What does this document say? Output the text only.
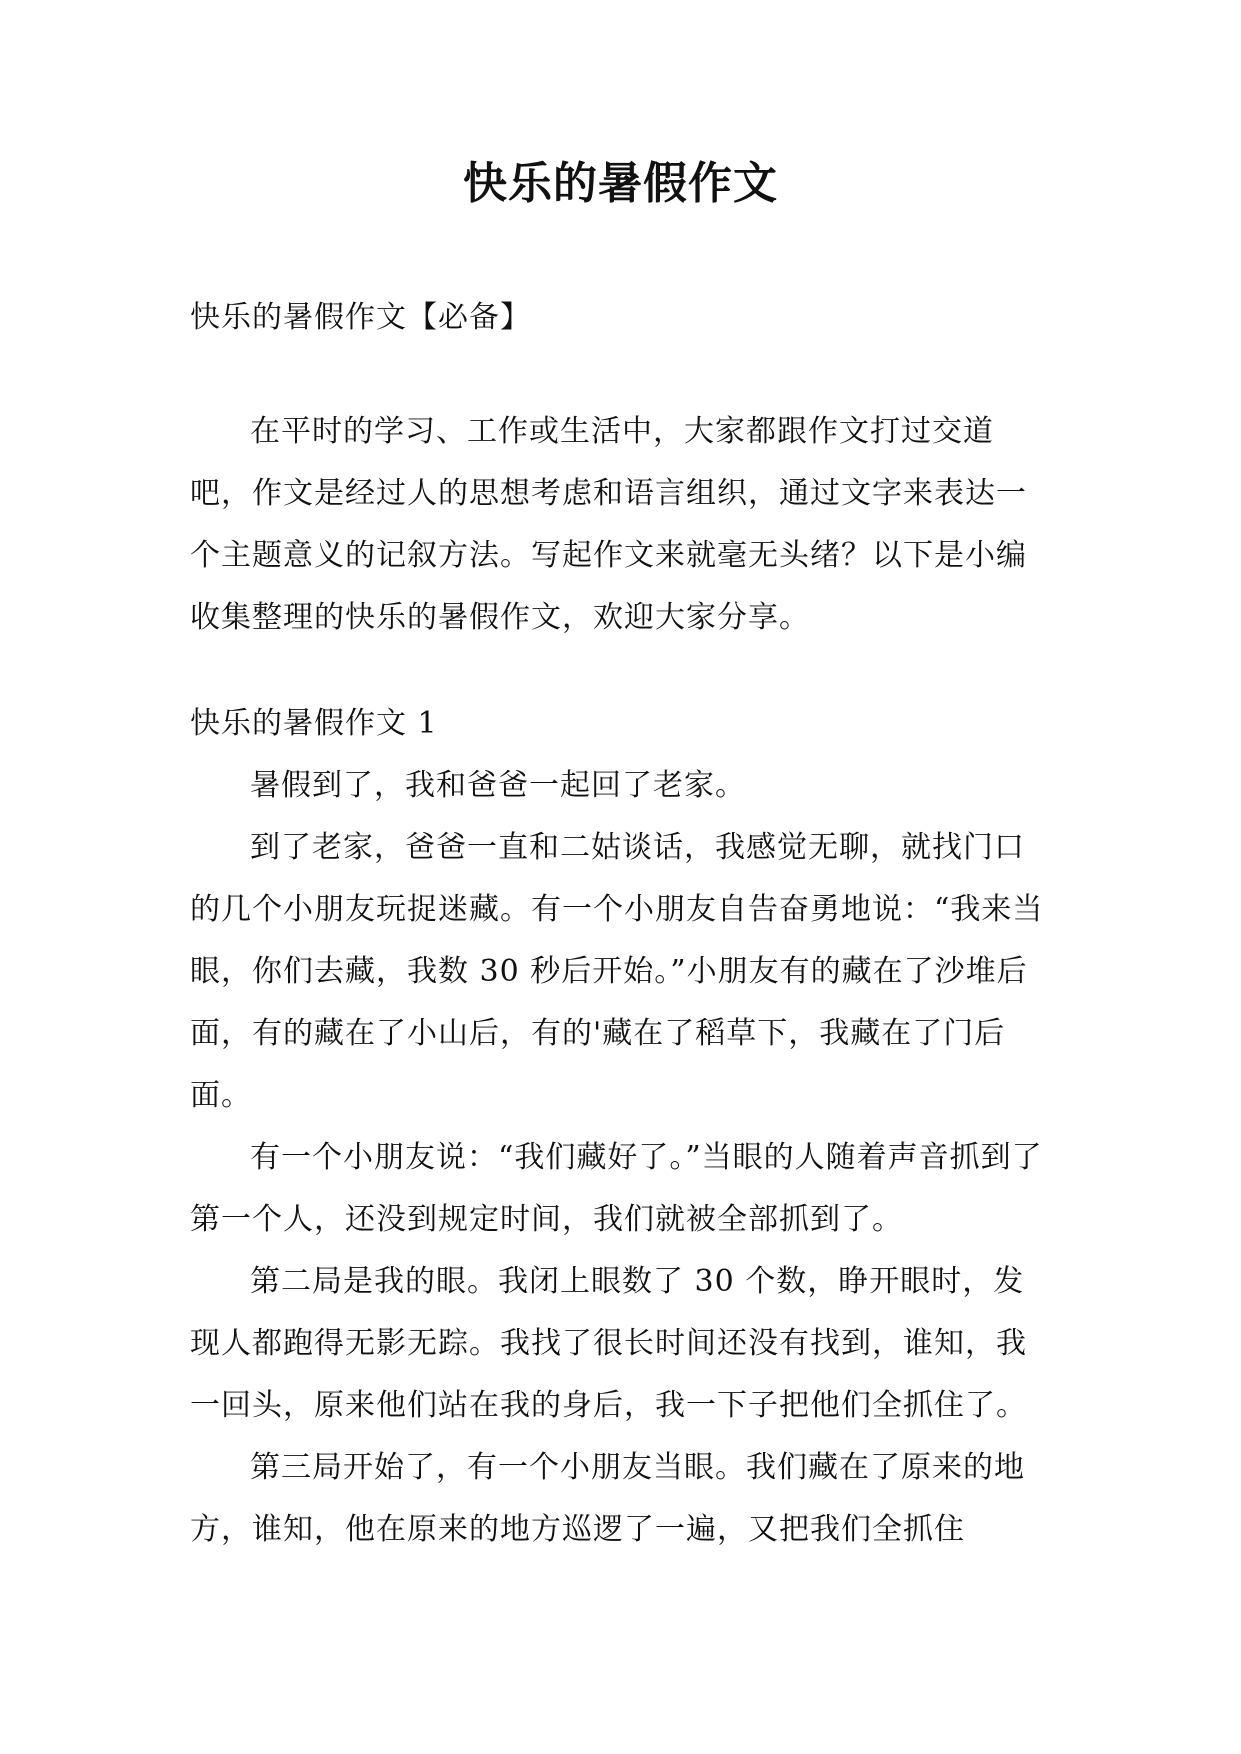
快乐的暑假作文
快乐的暑假作文【必备】

在平时的学习、工作或生活中，大家都跟作文打过交道吧，作文是经过人的思想考虑和语言组织，通过文字来表达一个主题意义的记叙方法。写起作文来就毫无头绪？以下是小编收集整理的快乐的暑假作文，欢迎大家分享。

快乐的暑假作文 1

暑假到了，我和爸爸一起回了老家。

到了老家，爸爸一直和二姑谈话，我感觉无聊，就找门口的几个小朋友玩捉迷藏。有一个小朋友自告奋勇地说：“我来当眼，你们去藏，我数 30 秒后开始。”小朋友有的藏在了沙堆后面，有的藏在了小山后，有的'藏在了稻草下，我藏在了门后面。

有一个小朋友说：“我们藏好了。”当眼的人随着声音抓到了第一个人，还没到规定时间，我们就被全部抓到了。

第二局是我的眼。我闭上眼数了 30 个数，睁开眼时，发现人都跑得无影无踪。我找了很长时间还没有找到，谁知，我一回头，原来他们站在我的身后，我一下子把他们全抓住了。

第三局开始了，有一个小朋友当眼。我们藏在了原来的地方，谁知，他在原来的地方巡逻了一遍，又把我们全抓住
